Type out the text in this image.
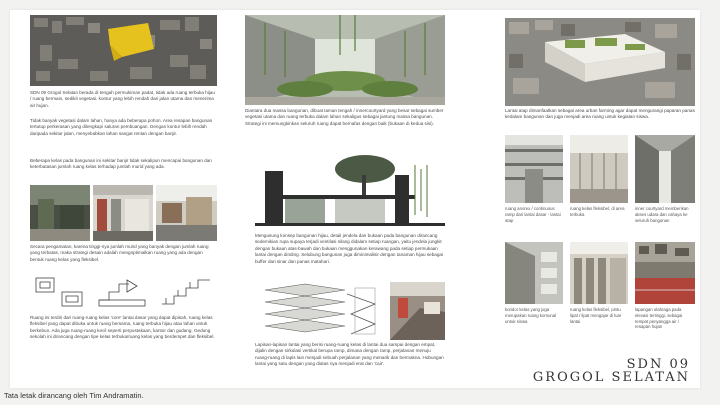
SDN 09 Grogol Selatan berada di tengah permukiman padat, tidak ada ruang terbuka hijau / ruang bermain, sedikit vegetasi. kontur yang lebih rendah dari jalan utama dan menerima air hujan.
Tidak banyak vegetasi dalam lahan, hanya ada beberapa pohon. Area resapan bangunan tertutup perkerasan yang dilengkapi saluran pembuangan. Dengan kontur lebih rendah daripada sekitar jalan, menyebabkan lahan sangat rentan dengan banjir.
Beberapa kelas pada bangunan ini sekitar banjir tidak sekalipun mencapai bangunan dan keterbatasan jumlah ruang kelas terhadap jumlah murid yang ada.
Secara pengamatan, karena tinggi-nya jumlah murid yang banyak dengan jumlah ruang yang terbatas, maka strategi desain adalah mengoptimalkan ruang yang ada dengan bentuk ruang kelas yang fleksibel.
Ruang ini terdiri dari ruang-ruang kelas 'core' lantai dasar yang dapat dipisah, ruang kelas fleksibel yang dapat dibuka untuk ruang bersama, ruang terbuka hijau atau lahan untuk berkebun. Ada juga ruang-ruang kecil seperti perpustakaan, kantor dan gudang. Gedung sekolah ini dirancang dengan tipe kelas terbuka/ruang kelas yang berdempet dan fleksibel.
Diantara dua massa bangunan, dibuat taman tengah / innercourtyard yang besar sebagai sumber vegetasi utama dan ruang terbuka dalam lahan sekaligus sebagai jantung massa bangunan. Strategi ini memungkinkan seluruh ruang dapat bernafas dengan baik (bukaan di kedua sisi).
Mengusung konsep bangunan hijau, detail jendela dan bukaan pada bangunan dirancang sedemikian rupa supaya terjadi ventilasi silang didalam setiap ruangan, yaitu jendela jungkit dengan bukaan atas-bawah dan bukaan menggunakan kerawang pada setiap permukaan lantai dengan dinding. Selubung bangunan juga diminimalisir dengan tanaman hijau sebagai buffer dari sinar dan panas matahari.
Lapisan-lapisan lantai yang berisi ruang-ruang kelas di lantai dua sampai dengan empat, dijalin dengan sirkulasi vertikal berupa ramp, dimana dengan ramp, perjalanan menuju ruang-ruang di lapis lain menjadi sebuah perjalanan yang menarik dan bermakna. Hubungan lantai yang satu dengan yang diatas nya menjadi erat dan 'cair'.
Lantai atap dimanfaatkan sebagai area urban farming agar dapat mengurangi paparan panas kedalam bangunan dan juga menjadi area ruang untuk kegiatan siswa.
ruang anorex / continuous ramp dari lantai dasar - lantai atap
ruang kelas fleksibel, di area terbuka
inner courtyard memberikan akses udara dan cahaya ke seluruh bangunan
koridor kelas yang juga merupakan ruang komunal untuk siswa
ruang kelas fleksibel, pintu lipat / lipat mengajar di luar lantai
lapangan olahraga pada elevasi tertinggi, sebagai tempat penyangga air / resapan hujan
SDN 09
GROGOL SELATAN
Tata letak dirancang oleh Tim Andramatin.
